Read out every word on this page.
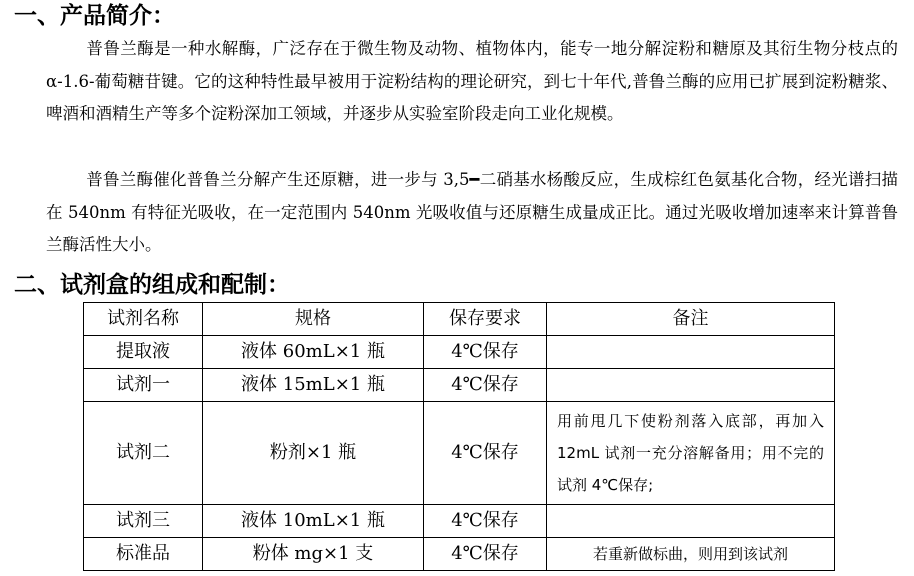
一、产品简介：

普鲁兰酶是一种水解酶，广泛存在于微生物及动物、植物体内，能专一地分解淀粉和糖原及其衍生物分枝点的α-1.6-葡萄糖苷键。它的这种特性最早被用于淀粉结构的理论研究，到七十年代,普鲁兰酶的应用已扩展到淀粉糖浆、啤酒和酒精生产等多个淀粉深加工领域，并逐步从实验室阶段走向工业化规模。

普鲁兰酶催化普鲁兰分解产生还原糖，进一步与 3,5━二硝基水杨酸反应，生成棕红色氨基化合物，经光谱扫描在 540nm 有特征光吸收，在一定范围内 540nm 光吸收值与还原糖生成量成正比。通过光吸收增加速率来计算普鲁兰酶活性大小。

二、试剂盒的组成和配制：
试剂名称	规格	保存要求	备注
提取液	液体 60mL×1 瓶	4℃保存	
试剂一	液体 15mL×1 瓶	4℃保存	
试剂二	粉剂×1 瓶	4℃保存	用前甩几下使粉剂落入底部，再加入 12mL 试剂一充分溶解备用；用不完的试剂 4℃保存;
试剂三	液体 10mL×1 瓶	4℃保存	
标准品	粉体 mg×1 支	4℃保存	若重新做标曲，则用到该试剂
